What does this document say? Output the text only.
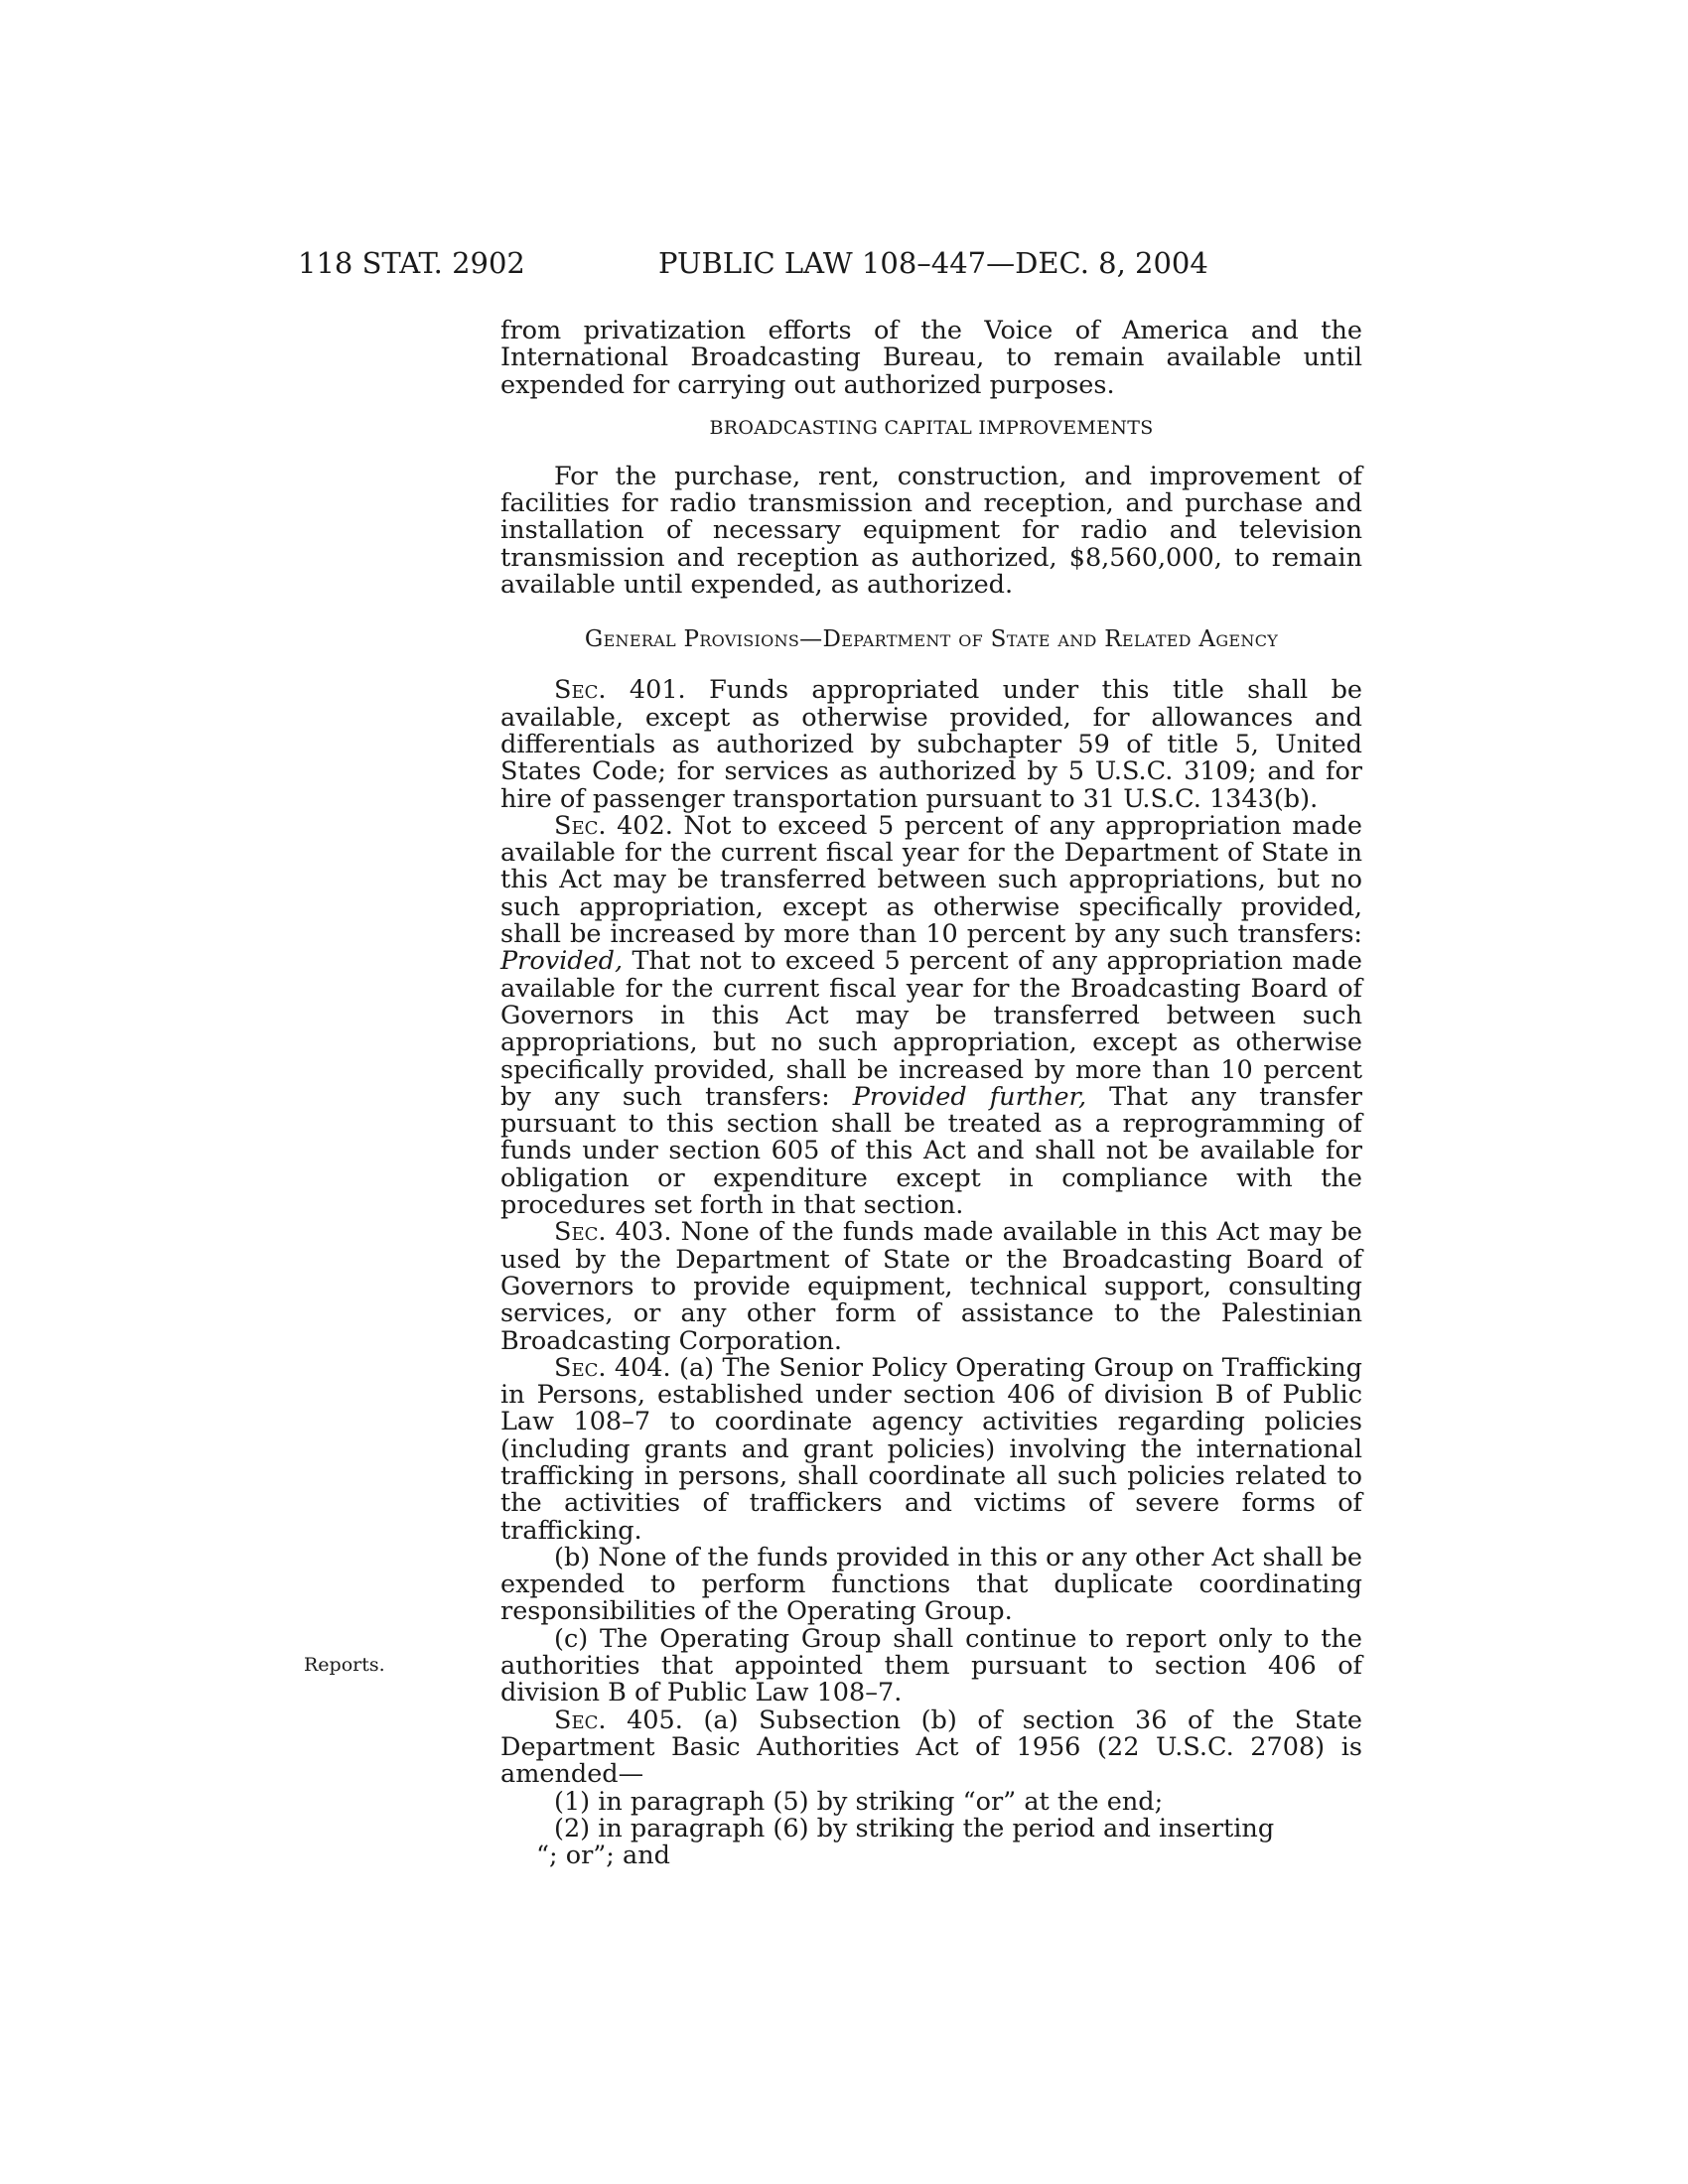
118 STAT. 2902	PUBLIC LAW 108–447—DEC. 8, 2004
Reports.

from privatization efforts of the Voice of America and the International Broadcasting Bureau, to remain available until expended for carrying out authorized purposes.

BROADCASTING CAPITAL IMPROVEMENTS

For the purchase, rent, construction, and improvement of facilities for radio transmission and reception, and purchase and installation of necessary equipment for radio and television transmission and reception as authorized, $8,560,000, to remain available until expended, as authorized.

General Provisions—Department of State and Related Agency

Sec. 401. Funds appropriated under this title shall be available, except as otherwise provided, for allowances and differentials as authorized by subchapter 59 of title 5, United States Code; for services as authorized by 5 U.S.C. 3109; and for hire of passenger transportation pursuant to 31 U.S.C. 1343(b).

Sec. 402. Not to exceed 5 percent of any appropriation made available for the current fiscal year for the Department of State in this Act may be transferred between such appropriations, but no such appropriation, except as otherwise specifically provided, shall be increased by more than 10 percent by any such transfers: Provided, That not to exceed 5 percent of any appropriation made available for the current fiscal year for the Broadcasting Board of Governors in this Act may be transferred between such appropriations, but no such appropriation, except as otherwise specifically provided, shall be increased by more than 10 percent by any such transfers: Provided further, That any transfer pursuant to this section shall be treated as a reprogramming of funds under section 605 of this Act and shall not be available for obligation or expenditure except in compliance with the procedures set forth in that section.

Sec. 403. None of the funds made available in this Act may be used by the Department of State or the Broadcasting Board of Governors to provide equipment, technical support, consulting services, or any other form of assistance to the Palestinian Broadcasting Corporation.

Sec. 404. (a) The Senior Policy Operating Group on Trafficking in Persons, established under section 406 of division B of Public Law 108–7 to coordinate agency activities regarding policies (including grants and grant policies) involving the international trafficking in persons, shall coordinate all such policies related to the activities of traffickers and victims of severe forms of trafficking.

(b) None of the funds provided in this or any other Act shall be expended to perform functions that duplicate coordinating responsibilities of the Operating Group.

(c) The Operating Group shall continue to report only to the authorities that appointed them pursuant to section 406 of division B of Public Law 108–7.

Sec. 405. (a) Subsection (b) of section 36 of the State Department Basic Authorities Act of 1956 (22 U.S.C. 2708) is amended—

(1) in paragraph (5) by striking “or” at the end;

(2) in paragraph (6) by striking the period and inserting

“; or”; and
